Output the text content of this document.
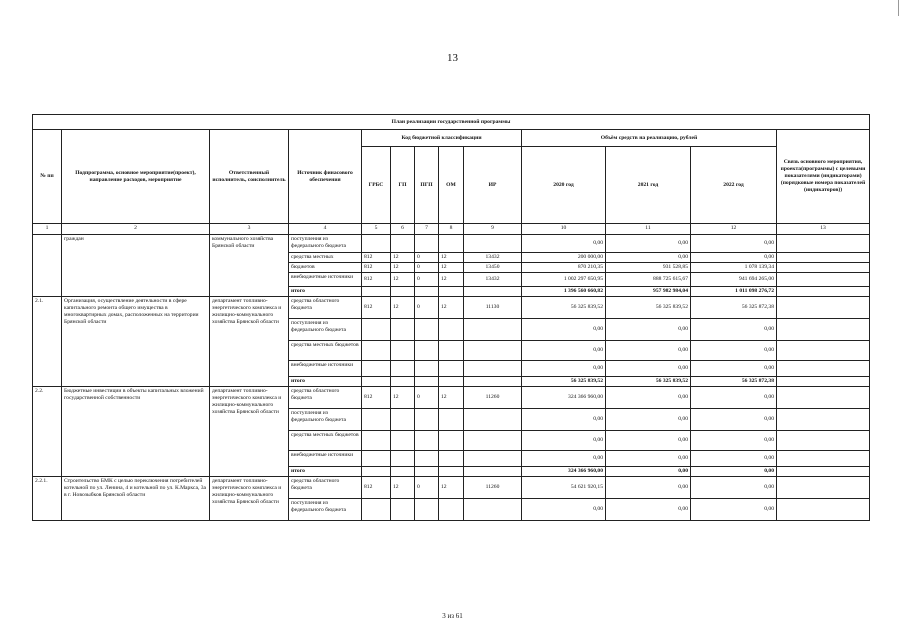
13
План реализации государственной программы												
№ пп	Подпрограмма, основное мероприятие(проект), направление расходов, мероприятие	Ответственный исполнитель, соисполнитель	Источник финасового обеспечения	Код бюджетной классификации					Объём средств на реализацию, рублей			Связь основного мероприятия, проекта(программы) с целевыми показателями (индикаторами) (порядковые номера показателей (индикаторов))
				ГРБС	ГП	ПГП	ОМ	ИР	2020 год	2021 год	2022 год	
1	2	3	4	5	6	7	8	9	10	11	12	13
	граждан	коммунального хозяйства Брянской области	поступления из федерального бюджета						0,00	0,00	0,00	
			средства местных	812	12	0	12	13432	200 000,00	0,00	0,00	
			бюджетов	812	12	0	12	13450	870 210,35	931 528,85	1 078 139,34	
			внебюджетные источники	812	12	0	12	13432	1 002 297 650,95	888 725 615,67	941 694 265,00	
			итого						1 396 560 660,82	957 982 984,04	1 011 098 276,72	
2.1.	Организация, осуществление деятельности в сфере капитального ремонта общего имущества в многоквартирных домах, расположенных на территории Брянской области	департамент топливно-энергетического комплекса и жилищно-коммунального хозяйства Брянской области	средства областного бюджета	812	12	0	12	11130	56 325 839,52	56 325 839,52	56 325 872,38	
			поступления из федерального бюджета						0,00	0,00	0,00	
			средства местных бюджетов						0,00	0,00	0,00	
			внебюджетные источники						0,00	0,00	0,00	
			итого						56 325 839,52	56 325 839,52	56 325 872,38	
2.2.	Бюджетные инвестиции в объекты капитальных вложений государственной собственности	департамент топливно-энергетического комплекса и жилищно-коммунального хозяйства Брянской области	средства областного бюджета	812	12	0	12	11260	324 366 960,00	0,00	0,00	
			поступления из федерального бюджета						0,00	0,00	0,00	
			средства местных бюджетов						0,00	0,00	0,00	
			внебюджетные источники						0,00	0,00	0,00	
			итого						324 366 960,00	0,00	0,00	
2.2.1.	Строительство БМК с целью переключения потребителей котельной по ул. Ленина, 4 и котельной по ул. К.Маркса, 3а в г. Новозыбков Брянской области	департамент топливно-энергетического комплекса и жилищно-коммунального хозяйства Брянской области	средства областного бюджета	812	12	0	12	11260	54 621 920,15	0,00	0,00	
			поступления из федерального бюджета						0,00	0,00	0,00	
3 из 61
